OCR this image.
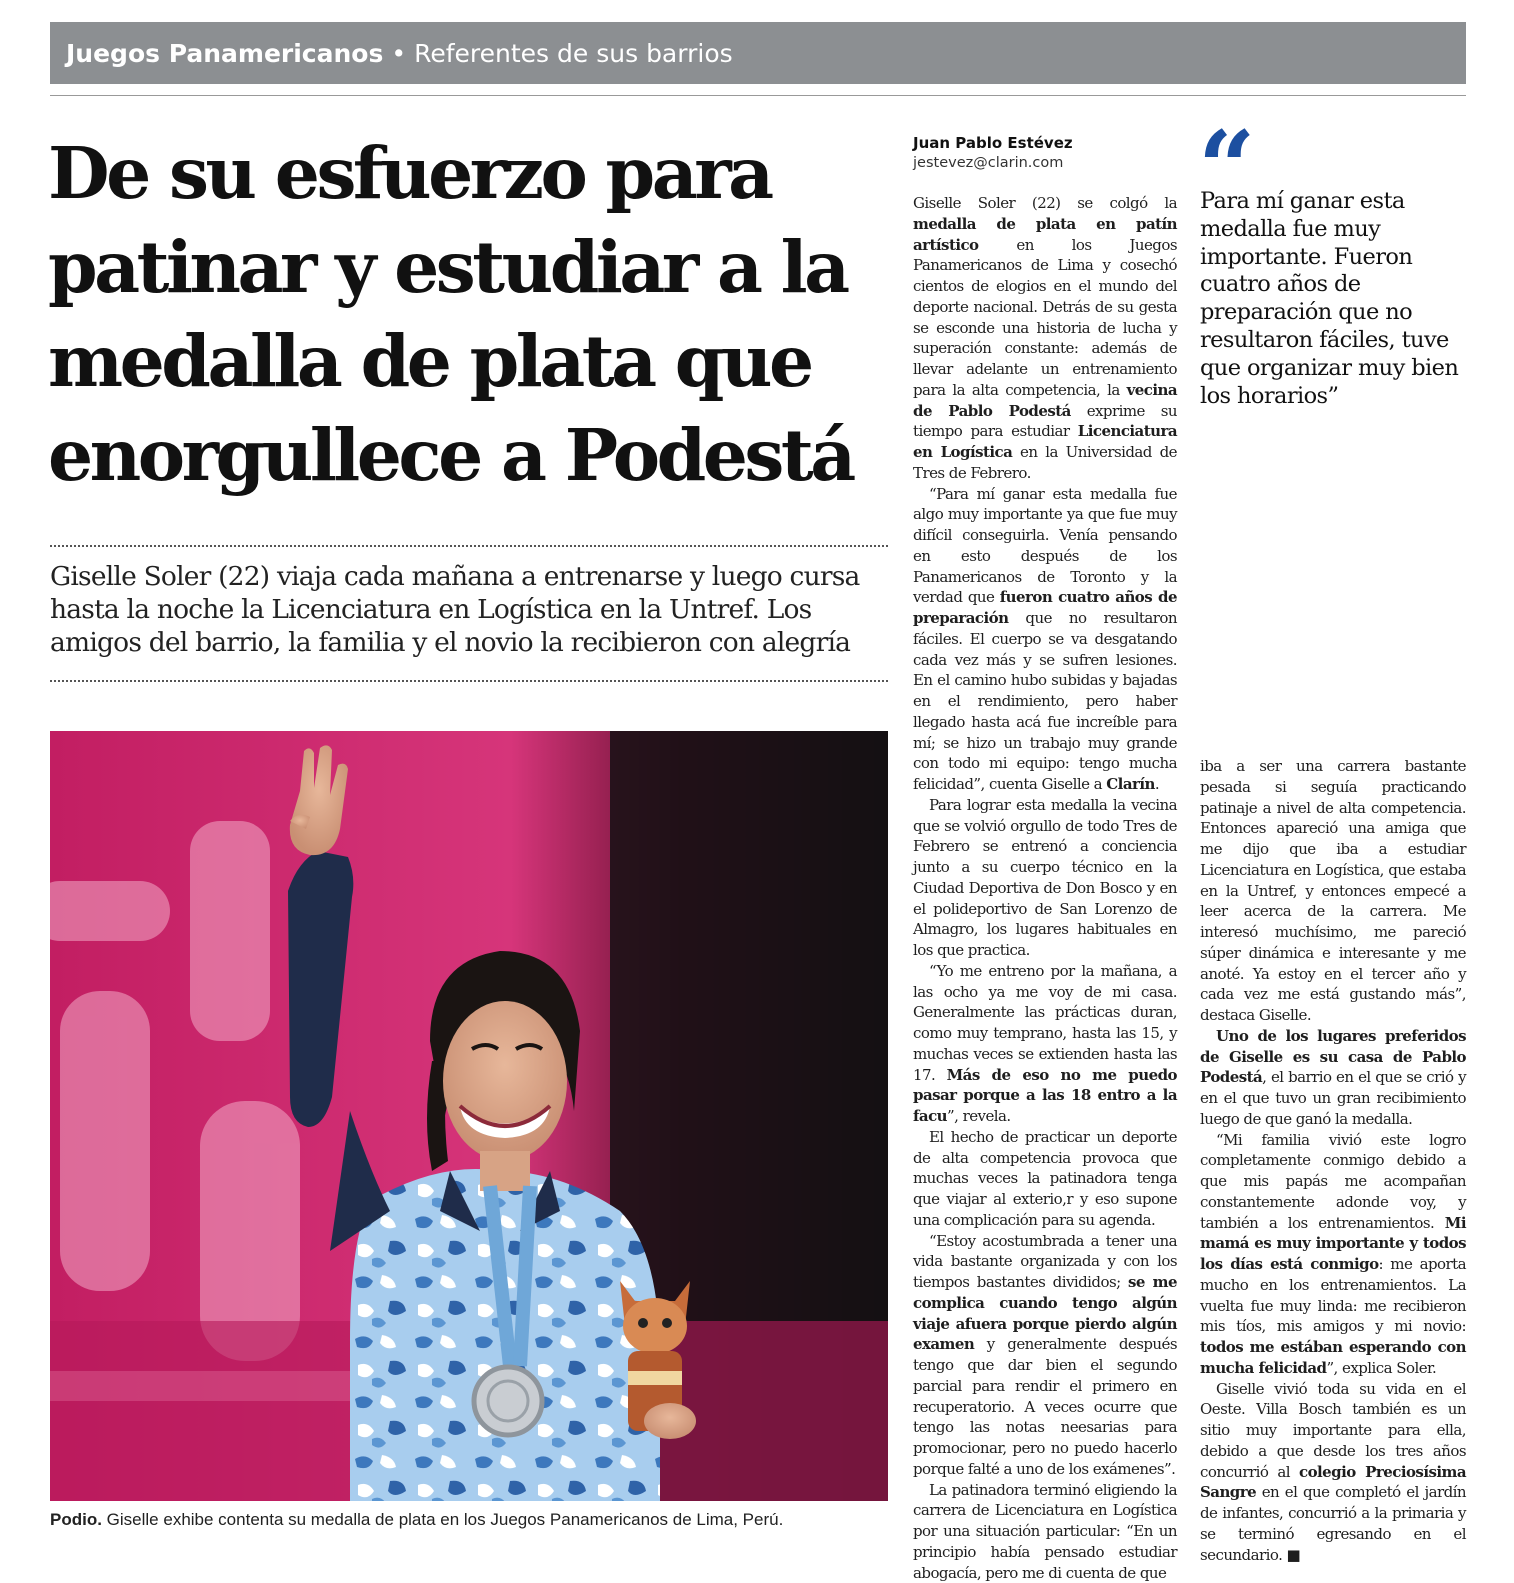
Juegos Panamericanos • Referentes de sus barrios
De su esfuerzo para patinar y estudiar a la medalla de plata que enorgullece a Podestá

Giselle Soler (22) viaja cada mañana a entrenarse y luego cursa hasta la noche la Licenciatura en Logística en la Untref. Los amigos del barrio, la familia y el novio la recibieron con alegría

Podio. Giselle exhibe contenta su medalla de plata en los Juegos Panamericanos de Lima, Perú.

Juan Pablo Estévez
jestevez@clarin.com

Giselle Soler (22) se colgó la medalla de plata en patín artístico en los Juegos Panamericanos de Lima y cosechó cientos de elogios en el mundo del deporte nacional. Detrás de su gesta se esconde una historia de lucha y superación constante: además de llevar adelante un entrenamiento para la alta competencia, la vecina de Pablo Podestá exprime su tiempo para estudiar Licenciatura en Logística en la Universidad de Tres de Febrero.

“Para mí ganar esta medalla fue algo muy importante ya que fue muy difícil conseguirla. Venía pensando en esto después de los Panamericanos de Toronto y la verdad que fueron cuatro años de preparación que no resultaron fáciles. El cuerpo se va desgatando cada vez más y se sufren lesiones. En el camino hubo subidas y bajadas en el rendimiento, pero haber llegado hasta acá fue increíble para mí; se hizo un trabajo muy grande con todo mi equipo: tengo mucha felicidad”, cuenta Giselle a Clarín.

Para lograr esta medalla la vecina que se volvió orgullo de todo Tres de Febrero se entrenó a conciencia junto a su cuerpo técnico en la Ciudad Deportiva de Don Bosco y en el polideportivo de San Lorenzo de Almagro, los lugares habituales en los que practica.

“Yo me entreno por la mañana, a las ocho ya me voy de mi casa. Generalmente las prácticas duran, como muy temprano, hasta las 15, y muchas veces se extienden hasta las 17. Más de eso no me puedo pasar porque a las 18 entro a la facu”, revela.

El hecho de practicar un deporte de alta competencia provoca que muchas veces la patinadora tenga que viajar al exterio,r y eso supone una complicación para su agenda.

“Estoy acostumbrada a tener una vida bastante organizada y con los tiempos bastantes divididos; se me complica cuando tengo algún viaje afuera porque pierdo algún examen y generalmente después tengo que dar bien el segundo parcial para rendir el primero en recuperatorio. A veces ocurre que tengo las notas neesarias para promocionar, pero no puedo hacerlo porque falté a uno de los exámenes”.

La patinadora terminó eligiendo la carrera de Licenciatura en Logística por una situación particular: “En un principio había pensado estudiar abogacía, pero me di cuenta de que

iba a ser una carrera bastante pesada si seguía practicando patinaje a nivel de alta competencia. Entonces apareció una amiga que me dijo que iba a estudiar Licenciatura en Logística, que estaba en la Untref, y entonces empecé a leer acerca de la carrera. Me interesó muchísimo, me pareció súper dinámica e interesante y me anoté. Ya estoy en el tercer año y cada vez me está gustando más”, destaca Giselle.

Uno de los lugares preferidos de Giselle es su casa de Pablo Podestá, el barrio en el que se crió y en el que tuvo un gran recibimiento luego de que ganó la medalla.

“Mi familia vivió este logro completamente conmigo debido a que mis papás me acompañan constantemente adonde voy, y también a los entrenamientos. Mi mamá es muy importante y todos los días está conmigo: me aporta mucho en los entrenamientos. La vuelta fue muy linda: me recibieron mis tíos, mis amigos y mi novio: todos me estában esperando con mucha felicidad”, explica Soler.

Giselle vivió toda su vida en el Oeste. Villa Bosch también es un sitio muy importante para ella, debido a que desde los tres años concurrió al colegio Preciosísima Sangre en el que completó el jardín de infantes, concurrió a la primaria y se terminó egresando en el secundario. ■

“

Para mí ganar esta medalla fue muy importante. Fueron cuatro años de preparación que no resultaron fáciles, tuve que organizar muy bien los horarios”
